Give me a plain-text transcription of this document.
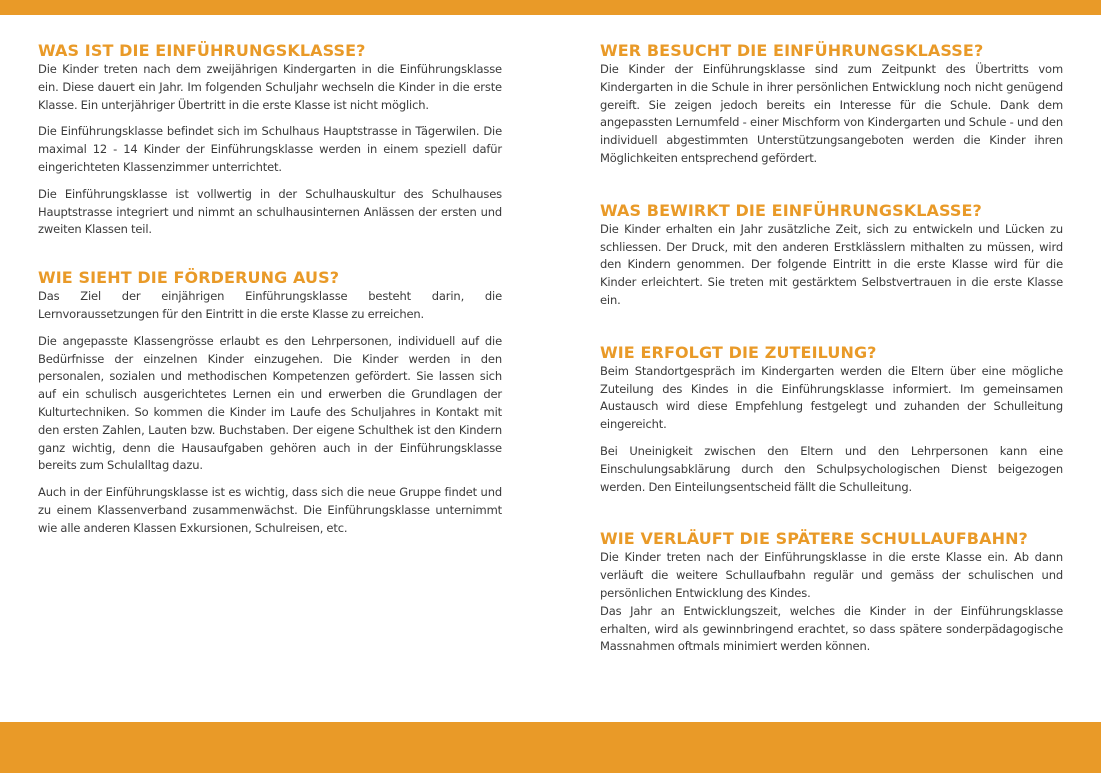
WAS IST DIE EINFÜHRUNGSKLASSE?

Die Kinder treten nach dem zweijährigen Kindergarten in die Einführungsklasse ein. Diese dauert ein Jahr. Im folgenden Schuljahr wechseln die Kinder in die erste Klasse. Ein unterjähriger Übertritt in die erste Klasse ist nicht möglich.

Die Einführungsklasse befindet sich im Schulhaus Hauptstrasse in Tägerwilen. Die maximal 12 - 14 Kinder der Einführungsklasse werden in einem speziell dafür eingerichteten Klassenzimmer unterrichtet.

Die Einführungsklasse ist vollwertig in der Schulhauskultur des Schulhauses Hauptstrasse integriert und nimmt an schulhausinternen Anlässen der ersten und zweiten Klassen teil.

WIE SIEHT DIE FÖRDERUNG AUS?

Das Ziel der einjährigen Einführungsklasse besteht darin, die Lernvoraussetzungen für den Eintritt in die erste Klasse zu erreichen.

Die angepasste Klassengrösse erlaubt es den Lehrpersonen, individuell auf die Bedürfnisse der einzelnen Kinder einzugehen. Die Kinder werden in den personalen, sozialen und methodischen Kompetenzen gefördert. Sie lassen sich auf ein schulisch ausgerichtetes Lernen ein und erwerben die Grundlagen der Kulturtechniken. So kommen die Kinder im Laufe des Schuljahres in Kontakt mit den ersten Zahlen, Lauten bzw. Buchstaben. Der eigene Schulthek ist den Kindern ganz wichtig, denn die Hausaufgaben gehören auch in der Einführungsklasse bereits zum Schulalltag dazu.

Auch in der Einführungsklasse ist es wichtig, dass sich die neue Gruppe findet und zu einem Klassenverband zusammenwächst. Die Einführungsklasse unternimmt wie alle anderen Klassen Exkursionen, Schulreisen, etc.

WER BESUCHT DIE EINFÜHRUNGSKLASSE?

Die Kinder der Einführungsklasse sind zum Zeitpunkt des Übertritts vom Kindergarten in die Schule in ihrer persönlichen Entwicklung noch nicht genügend gereift. Sie zeigen jedoch bereits ein Interesse für die Schule. Dank dem angepassten Lernumfeld - einer Mischform von Kindergarten und Schule - und den individuell abgestimmten Unterstützungsangeboten werden die Kinder ihren Möglichkeiten entsprechend gefördert.

WAS BEWIRKT DIE EINFÜHRUNGSKLASSE?

Die Kinder erhalten ein Jahr zusätzliche Zeit, sich zu entwickeln und Lücken zu schliessen. Der Druck, mit den anderen Erstklässlern mithalten zu müssen, wird den Kindern genommen. Der folgende Eintritt in die erste Klasse wird für die Kinder erleichtert. Sie treten mit gestärktem Selbstvertrauen in die erste Klasse ein.

WIE ERFOLGT DIE ZUTEILUNG?

Beim Standortgespräch im Kindergarten werden die Eltern über eine mögliche Zuteilung des Kindes in die Einführungsklasse informiert. Im gemeinsamen Austausch wird diese Empfehlung festgelegt und zuhanden der Schulleitung eingereicht.

Bei Uneinigkeit zwischen den Eltern und den Lehrpersonen kann eine Einschulungsabklärung durch den Schulpsychologischen Dienst beigezogen werden. Den Einteilungsentscheid fällt die Schulleitung.

WIE VERLÄUFT DIE SPÄTERE SCHULLAUFBAHN?

Die Kinder treten nach der Einführungsklasse in die erste Klasse ein. Ab dann verläuft die weitere Schullaufbahn regulär und gemäss der schulischen und persönlichen Entwicklung des Kindes.

Das Jahr an Entwicklungszeit, welches die Kinder in der Einführungsklasse erhalten, wird als gewinnbringend erachtet, so dass spätere sonderpädagogische Massnahmen oftmals minimiert werden können.
